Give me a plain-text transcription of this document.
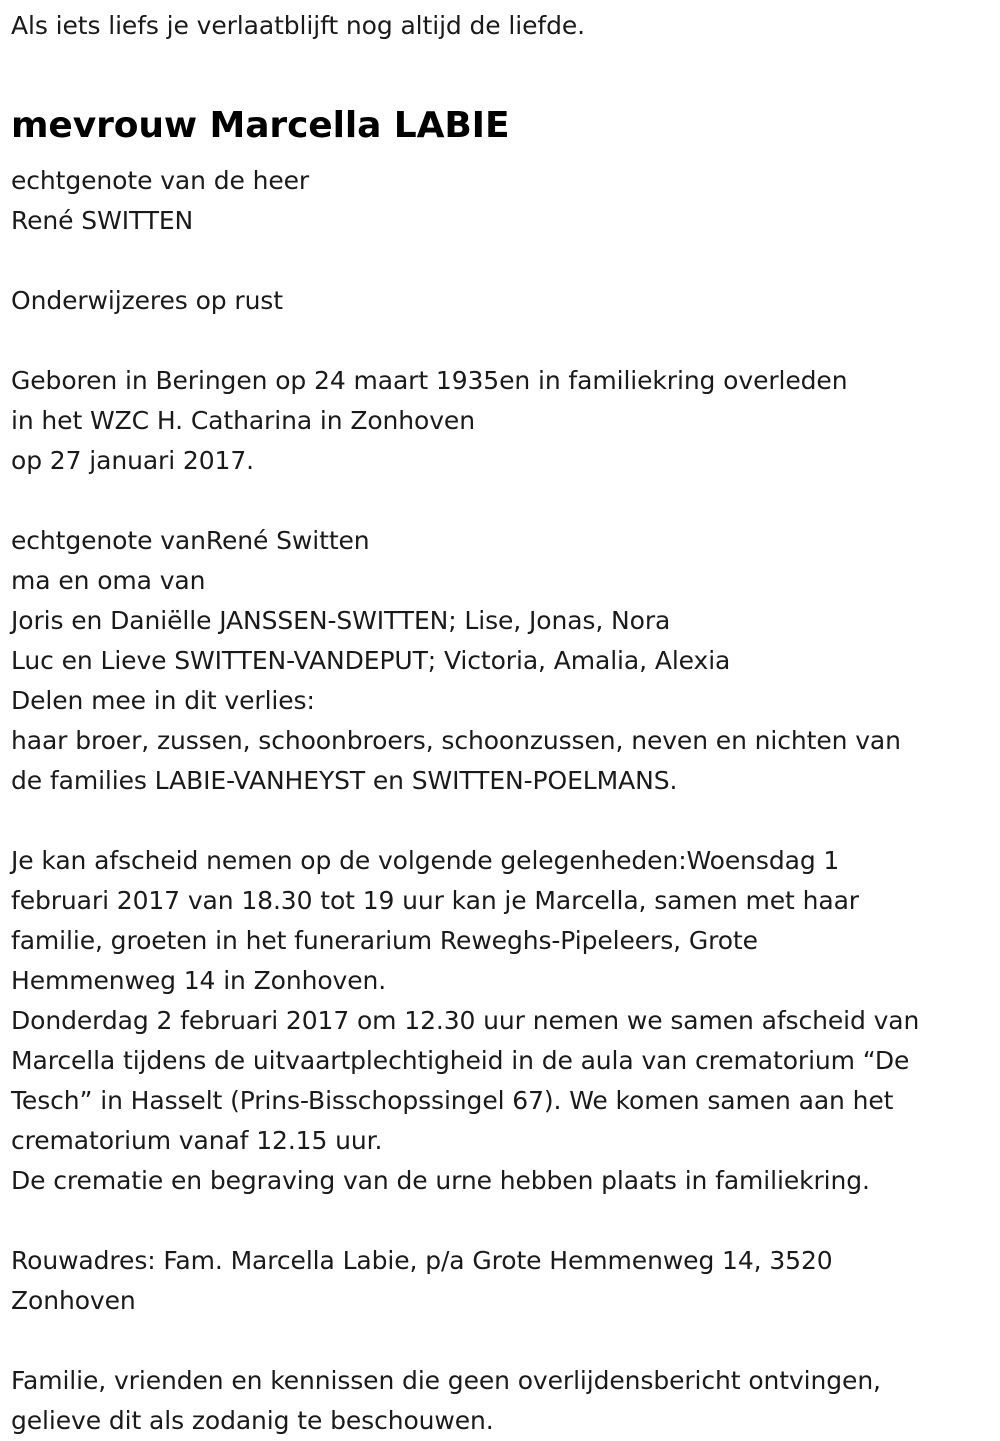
Als iets liefs je verlaatblijft nog altijd de liefde.
mevrouw Marcella LABIE
echtgenote van de heer
René SWITTEN
Onderwijzeres op rust
Geboren in Beringen op 24 maart 1935en in familiekring overleden
in het WZC H. Catharina in Zonhoven
op 27 januari 2017.
echtgenote vanRené Switten
ma en oma van
Joris en Daniëlle JANSSEN-SWITTEN; Lise, Jonas, Nora
Luc en Lieve SWITTEN-VANDEPUT; Victoria, Amalia, Alexia
Delen mee in dit verlies:
haar broer, zussen, schoonbroers, schoonzussen, neven en nichten van
de families LABIE-VANHEYST en SWITTEN-POELMANS.
Je kan afscheid nemen op de volgende gelegenheden:Woensdag 1
februari 2017 van 18.30 tot 19 uur kan je Marcella, samen met haar
familie, groeten in het funerarium Reweghs-Pipeleers, Grote
Hemmenweg 14 in Zonhoven.
Donderdag 2 februari 2017 om 12.30 uur nemen we samen afscheid van
Marcella tijdens de uitvaartplechtigheid in de aula van crematorium “De
Tesch” in Hasselt (Prins-Bisschopssingel 67). We komen samen aan het
crematorium vanaf 12.15 uur.
De crematie en begraving van de urne hebben plaats in familiekring.
Rouwadres: Fam. Marcella Labie, p/a Grote Hemmenweg 14, 3520
Zonhoven
Familie, vrienden en kennissen die geen overlijdensbericht ontvingen,
gelieve dit als zodanig te beschouwen.
